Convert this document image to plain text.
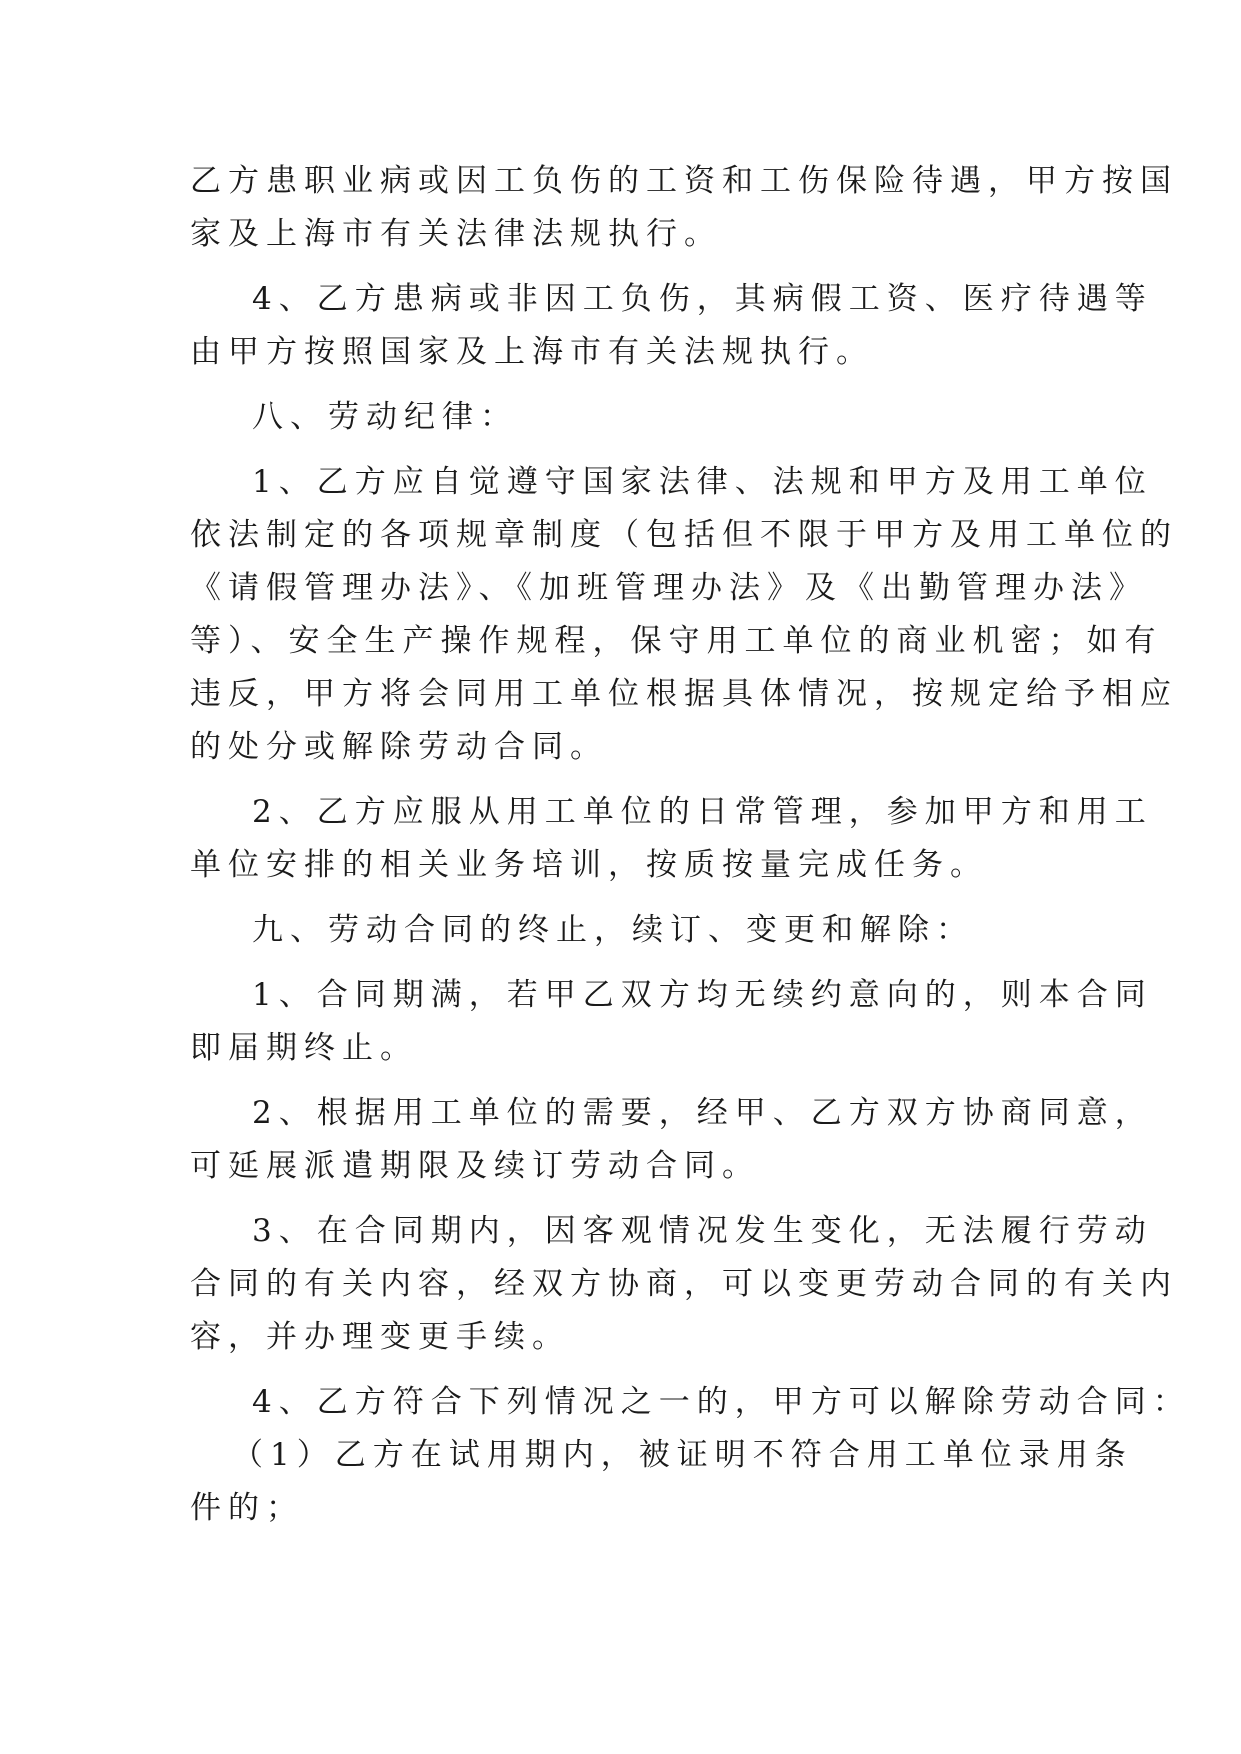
乙方患职业病或因工负伤的工资和工伤保险待遇，甲方按国
家及上海市有关法律法规执行。
4、乙方患病或非因工负伤，其病假工资、医疗待遇等
由甲方按照国家及上海市有关法规执行。
八、劳动纪律：
1、乙方应自觉遵守国家法律、法规和甲方及用工单位
依法制定的各项规章制度（包括但不限于甲方及用工单位的
《请假管理办法》、《加班管理办法》及《出勤管理办法》
等）、安全生产操作规程，保守用工单位的商业机密；如有
违反，甲方将会同用工单位根据具体情况，按规定给予相应
的处分或解除劳动合同。
2、乙方应服从用工单位的日常管理，参加甲方和用工
单位安排的相关业务培训，按质按量完成任务。
九、劳动合同的终止，续订、变更和解除：
1、合同期满，若甲乙双方均无续约意向的，则本合同
即届期终止。
2、根据用工单位的需要，经甲、乙方双方协商同意，
可延展派遣期限及续订劳动合同。
3、在合同期内，因客观情况发生变化，无法履行劳动
合同的有关内容，经双方协商，可以变更劳动合同的有关内
容，并办理变更手续。
4、乙方符合下列情况之一的，甲方可以解除劳动合同：
（1）乙方在试用期内，被证明不符合用工单位录用条
件的；
